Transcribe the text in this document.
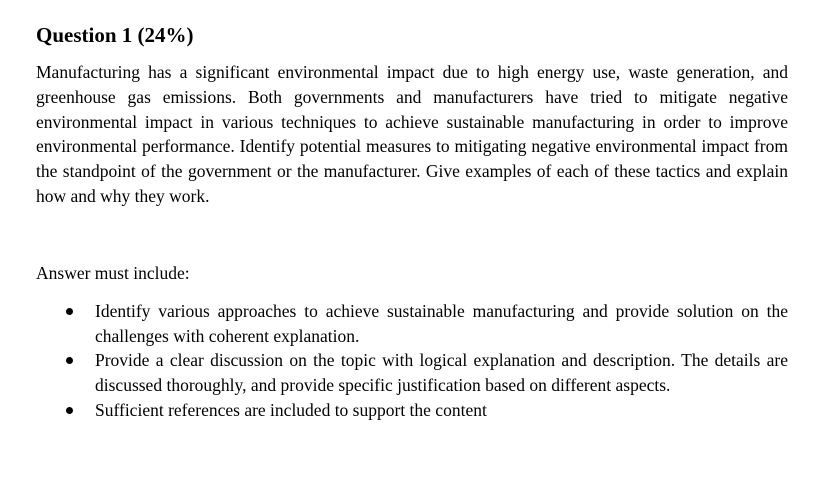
Question 1 (24%)

Manufacturing has a significant environmental impact due to high energy use, waste generation, and greenhouse gas emissions. Both governments and manufacturers have tried to mitigate negative environmental impact in various techniques to achieve sustainable manufacturing in order to improve environmental performance. Identify potential measures to mitigating negative environmental impact from the standpoint of the government or the manufacturer. Give examples of each of these tactics and explain how and why they work.

Answer must include:
Identify various approaches to achieve sustainable manufacturing and provide solution on the challenges with coherent explanation.
Provide a clear discussion on the topic with logical explanation and description. The details are discussed thoroughly, and provide specific justification based on different aspects.
Sufficient references are included to support the content
